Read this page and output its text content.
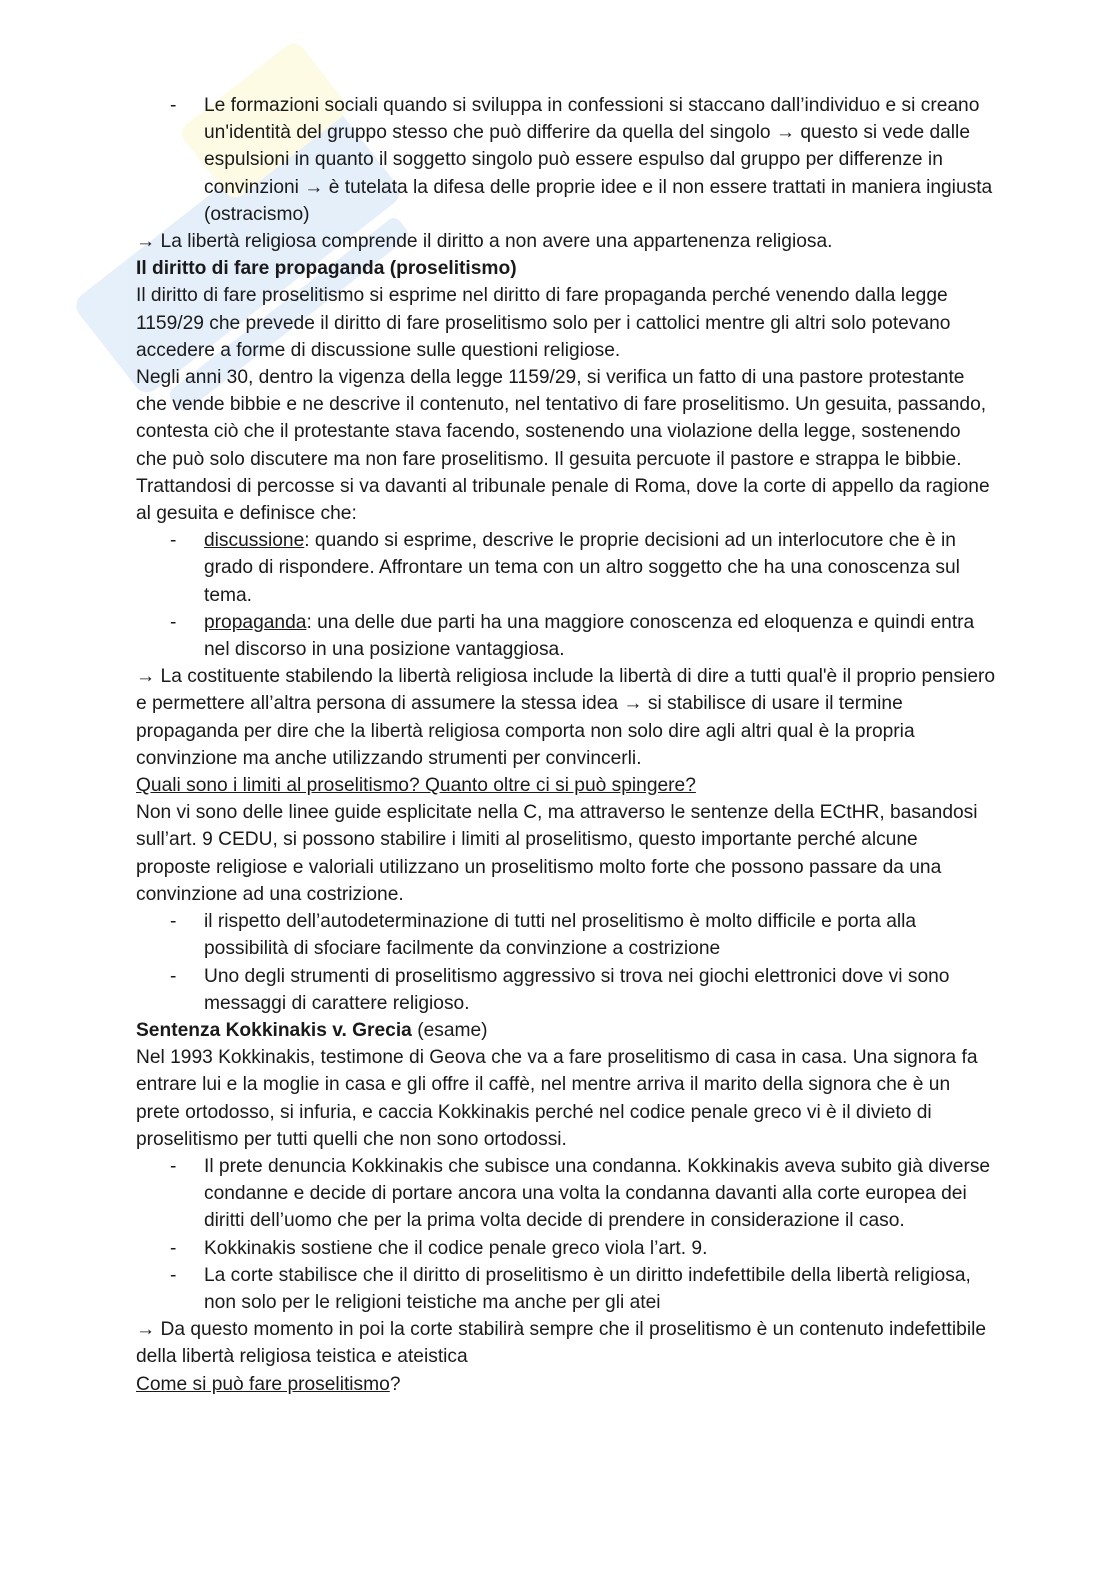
-	Le formazioni sociali quando si sviluppa in confessioni si staccano dall’individuo e si creano un'identità del gruppo stesso che può differire da quella del singolo → questo si vede dalle espulsioni in quanto il soggetto singolo può essere espulso dal gruppo per differenze in convinzioni → è tutelata la difesa delle proprie idee e il non essere trattati in maniera ingiusta (ostracismo)

→ La libertà religiosa comprende il diritto a non avere una appartenenza religiosa.

Il diritto di fare propaganda (proselitismo)

Il diritto di fare proselitismo si esprime nel diritto di fare propaganda perché venendo dalla legge 1159/29 che prevede il diritto di fare proselitismo solo per i cattolici mentre gli altri solo potevano accedere a forme di discussione sulle questioni religiose.

Negli anni 30, dentro la vigenza della legge 1159/29, si verifica un fatto di una pastore protestante che vende bibbie e ne descrive il contenuto, nel tentativo di fare proselitismo. Un gesuita, passando, contesta ciò che il protestante stava facendo, sostenendo una violazione della legge, sostenendo che può solo discutere ma non fare proselitismo. Il gesuita percuote il pastore e strappa le bibbie. Trattandosi di percosse si va davanti al tribunale penale di Roma, dove la corte di appello da ragione al gesuita e definisce che:

-	discussione: quando si esprime, descrive le proprie decisioni ad un interlocutore che è in grado di rispondere. Affrontare un tema con un altro soggetto che ha una conoscenza sul tema.
-	propaganda: una delle due parti ha una maggiore conoscenza ed eloquenza e quindi entra nel discorso in una posizione vantaggiosa.

→ La costituente stabilendo la libertà religiosa include la libertà di dire a tutti qual'è il proprio pensiero e permettere all’altra persona di assumere la stessa idea → si stabilisce di usare il termine propaganda per dire che la libertà religiosa comporta non solo dire agli altri qual è la propria convinzione ma anche utilizzando strumenti per convincerli.

Quali sono i limiti al proselitismo? Quanto oltre ci si può spingere?

Non vi sono delle linee guide esplicitate nella C, ma attraverso le sentenze della ECtHR, basandosi sull’art. 9 CEDU, si possono stabilire i limiti al proselitismo, questo importante perché alcune proposte religiose e valoriali utilizzano un proselitismo molto forte che possono passare da una convinzione ad una costrizione.

-	il rispetto dell’autodeterminazione di tutti nel proselitismo è molto difficile e porta alla possibilità di sfociare facilmente da convinzione a costrizione
-	Uno degli strumenti di proselitismo aggressivo si trova nei giochi elettronici dove vi sono messaggi di carattere religioso.

Sentenza Kokkinakis v. Grecia (esame)

Nel 1993 Kokkinakis, testimone di Geova che va a fare proselitismo di casa in casa. Una signora fa entrare lui e la moglie in casa e gli offre il caffè, nel mentre arriva il marito della signora che è un prete ortodosso, si infuria, e caccia Kokkinakis perché nel codice penale greco vi è il divieto di proselitismo per tutti quelli che non sono ortodossi.

-	Il prete denuncia Kokkinakis che subisce una condanna. Kokkinakis aveva subito già diverse condanne e decide di portare ancora una volta la condanna davanti alla corte europea dei diritti dell’uomo che per la prima volta decide di prendere in considerazione il caso.
-	Kokkinakis sostiene che il codice penale greco viola l’art. 9.
-	La corte stabilisce che il diritto di proselitismo è un diritto indefettibile della libertà religiosa, non solo per le religioni teistiche ma anche per gli atei

→ Da questo momento in poi la corte stabilirà sempre che il proselitismo è un contenuto indefettibile della libertà religiosa teistica e ateistica

Come si può fare proselitismo?
